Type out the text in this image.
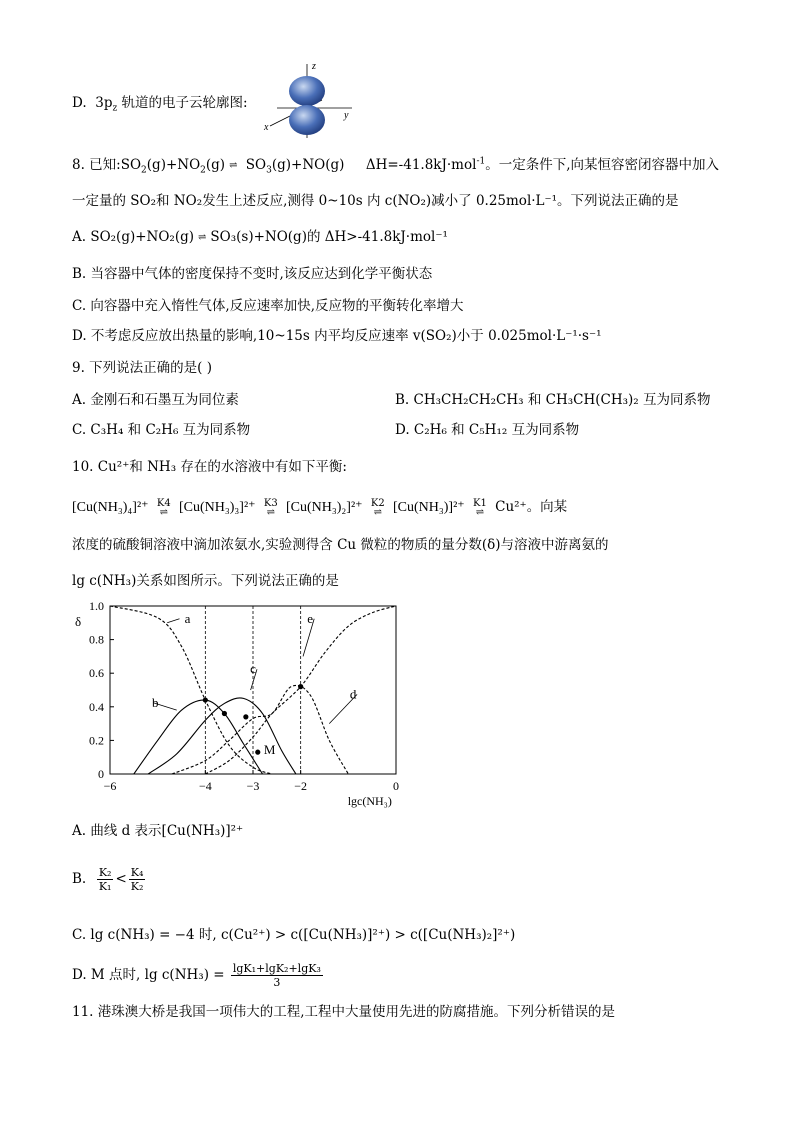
D. $3p_z$ 轨道的电子云轮廓图:
z
y
x
8. 已知$:SO_2(g)+NO_2(g)$ ⇌ $SO_3(g)+NO(g)$ ΔH=-41.8kJ·mol$^{-1}$。一定条件下,向某恒容密闭容器中加入
一定量的 SO₂和 NO₂发生上述反应,测得 0~10s 内 c(NO₂)减小了 0.25mol·L⁻¹。下列说法正确的是
A. SO₂(g)+NO₂(g) ⇌ SO₃(s)+NO(g)的 ΔH>-41.8kJ·mol⁻¹
B. 当容器中气体的密度保持不变时,该反应达到化学平衡状态
C. 向容器中充入惰性气体,反应速率加快,反应物的平衡转化率增大
D. 不考虑反应放出热量的影响,10~15s 内平均反应速率 v(SO₂)小于 0.025mol·L⁻¹·s⁻¹
9. 下列说法正确的是( )
A. 金刚石和石墨互为同位素	B. CH₃CH₂CH₂CH₃ 和 CH₃CH(CH₃)₂ 互为同系物
C. C₃H₄ 和 C₂H₆ 互为同系物	D. C₂H₆ 和 C₅H₁₂ 互为同系物
10. Cu²⁺和 NH₃ 存在的水溶液中有如下平衡:
[Cu(NH₃)₄]²⁺ K4
⇌ [Cu(NH₃)₃]²⁺ K3
⇌ [Cu(NH₃)₂]²⁺ K2
⇌ [Cu(NH₃)]²⁺ K1
⇌ Cu²⁺。向某
浓度的硫酸铜溶液中滴加浓氨水,实验测得含 Cu 微粒的物质的量分数(δ)与溶液中游离氨的
lg c(NH₃)关系如图所示。下列说法正确的是
0
0.2
0.4
0.6
0.8
1.0
δ
−6	−4	−3	−2	0
lgc(NH₃)
a
b
c
d
e
M
A. 曲线 d 表示[Cu(NH₃)]²⁺
B. $\frac{\text{K₂}}{\text{K₁}} < \frac{\text{K₄}}{\text{K₂}}$
C. lg c(NH₃) = −4 时, c(Cu²⁺) > c([Cu(NH₃)]²⁺) > c([Cu(NH₃)₂]²⁺)
D. M 点时, $\lg c(NH_3) = \frac{\text{lgK₁+lgK₂+lgK₃}}{3}$
11. 港珠澳大桥是我国一项伟大的工程,工程中大量使用先进的防腐措施。下列分析错误的是
